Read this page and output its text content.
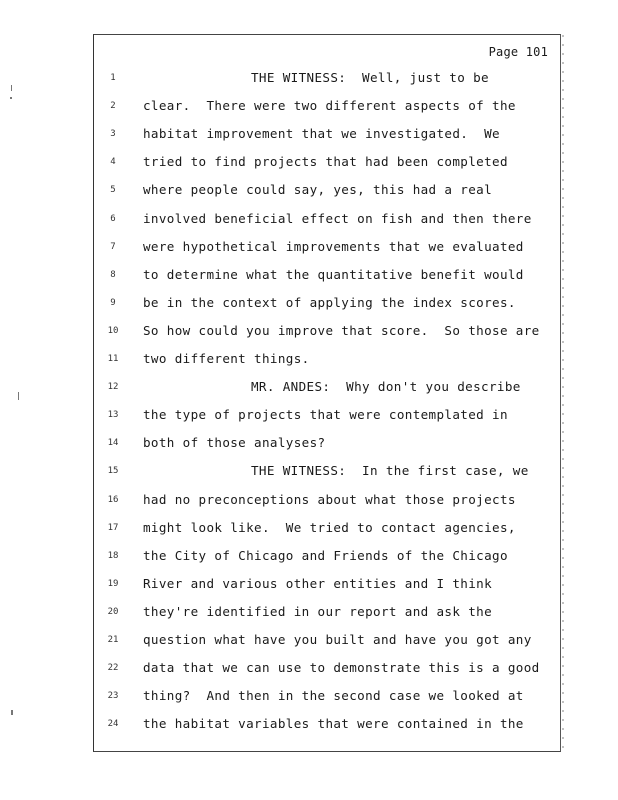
Page 101
1	THE WITNESS:  Well, just to be
2	clear.  There were two different aspects of the
3	habitat improvement that we investigated.  We
4	tried to find projects that had been completed
5	where people could say, yes, this had a real
6	involved beneficial effect on fish and then there
7	were hypothetical improvements that we evaluated
8	to determine what the quantitative benefit would
9	be in the context of applying the index scores.
10	So how could you improve that score.  So those are
11	two different things.
12	MR. ANDES:  Why don't you describe
13	the type of projects that were contemplated in
14	both of those analyses?
15	THE WITNESS:  In the first case, we
16	had no preconceptions about what those projects
17	might look like.  We tried to contact agencies,
18	the City of Chicago and Friends of the Chicago
19	River and various other entities and I think
20	they're identified in our report and ask the
21	question what have you built and have you got any
22	data that we can use to demonstrate this is a good
23	thing?  And then in the second case we looked at
24	the habitat variables that were contained in the
